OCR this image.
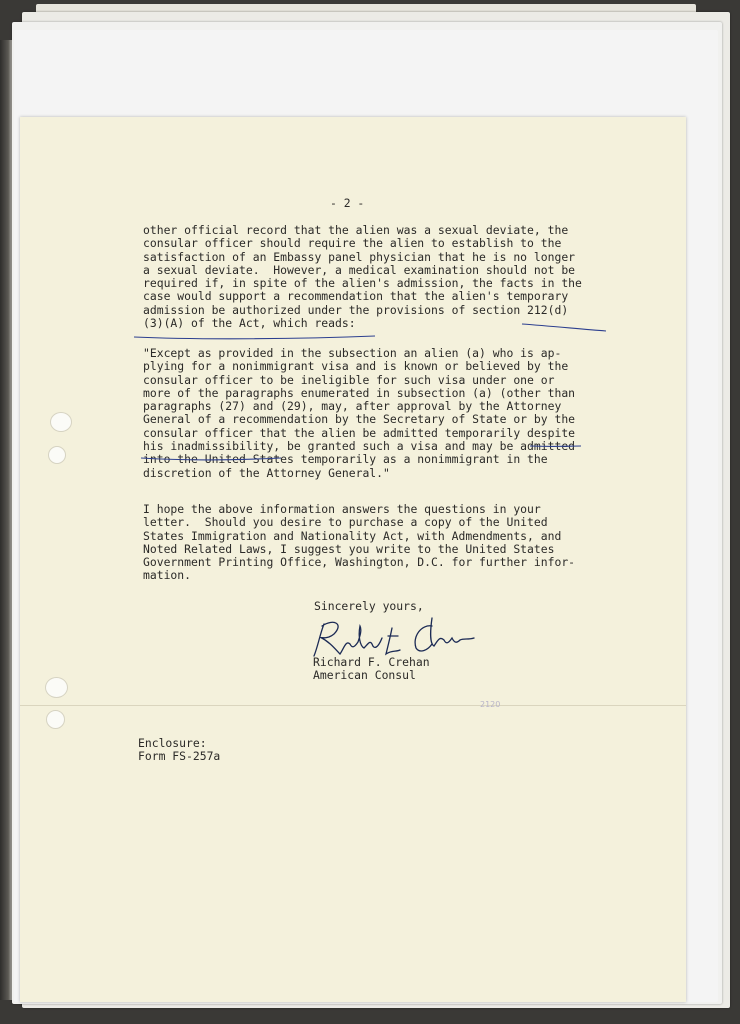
- 2 -

other official record that the alien was a sexual deviate, the
consular officer should require the alien to establish to the
satisfaction of an Embassy panel physician that he is no longer
a sexual deviate.  However, a medical examination should not be
required if, in spite of the alien's admission, the facts in the
case would support a recommendation that the alien's temporary
admission be authorized under the provisions of section 212(d)
(3)(A) of the Act, which reads:

"Except as provided in the subsection an alien (a) who is ap-
plying for a nonimmigrant visa and is known or believed by the
consular officer to be ineligible for such visa under one or
more of the paragraphs enumerated in subsection (a) (other than
paragraphs (27) and (29), may, after approval by the Attorney
General of a recommendation by the Secretary of State or by the
consular officer that the alien be admitted temporarily despite
his inadmissibility, be granted such a visa and may be admitted
into the United States temporarily as a nonimmigrant in the
discretion of the Attorney General."

I hope the above information answers the questions in your
letter.  Should you desire to purchase a copy of the United
States Immigration and Nationality Act, with Admendments, and
Noted Related Laws, I suggest you write to the United States
Government Printing Office, Washington, D.C. for further infor-
mation.

Sincerely yours,

Richard F. Crehan
American Consul

Enclosure:
Form FS-257a

2120
